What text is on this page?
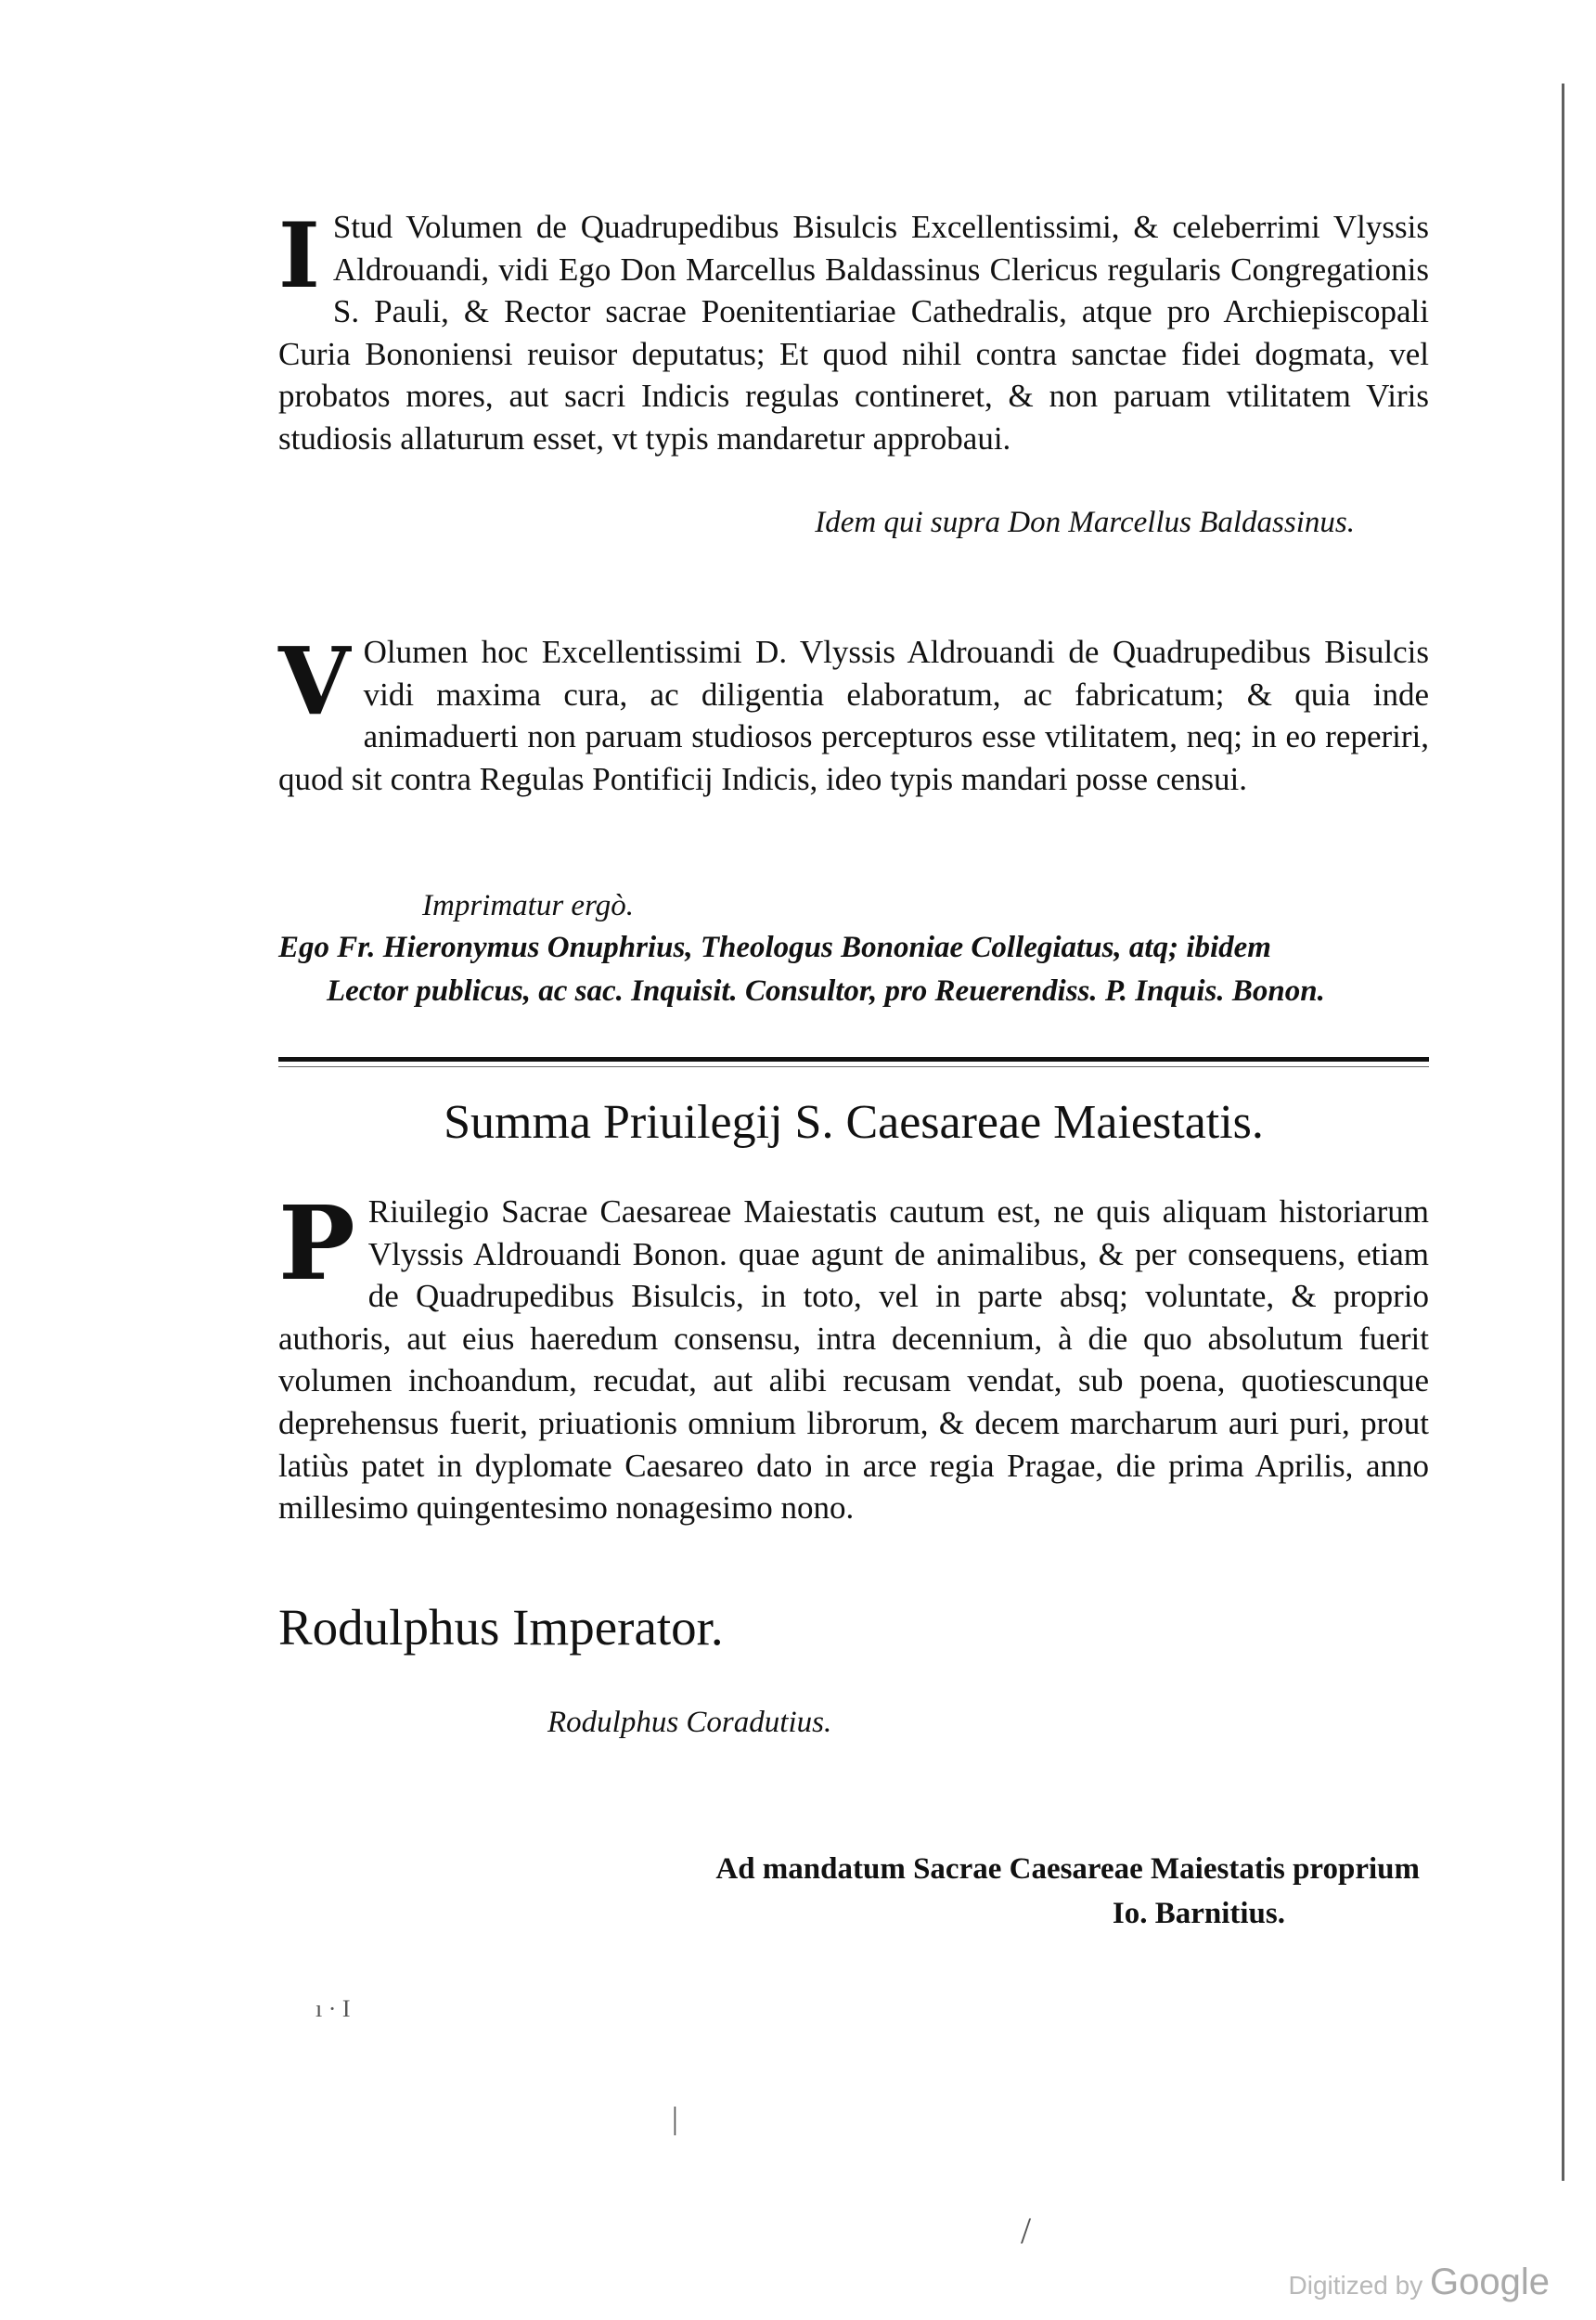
I Stud Volumen de Quadrupedibus Bisulcis Excellentissimi, & celeberrimi Vlyssis Aldrouandi, vidi Ego Don Marcellus Baldassinus Clericus regularis Congregationis S. Pauli, & Rector sacrae Poenitentiariae Cathedralis, atque pro Archiepiscopali Curia Bononiensi reuisor deputatus; Et quod nihil contra sanctae fidei dogmata, vel probatos mores, aut sacri Indicis regulas contineret, & non paruam vtilitatem Viris studiosis allaturum esset, vt typis mandaretur approbaui.

Idem qui supra Don Marcellus Baldassinus.

V Olumen hoc Excellentissimi D. Vlyssis Aldrouandi de Quadrupedibus Bisulcis vidi maxima cura, ac diligentia elaboratum, ac fabricatum; & quia inde animaduerti non paruam studiosos percepturos esse vtilitatem, neq; in eo reperiri, quod sit contra Regulas Pontificij Indicis, ideo typis mandari posse censui.

Imprimatur ergò.
Ego Fr. Hieronymus Onuphrius, Theologus Bononiae Collegiatus, atq; ibidem
Lector publicus, ac sac. Inquisit. Consultor, pro Reuerendiss. P. Inquis. Bonon.
Summa Priuilegij S. Caesareae Maiestatis.

P Riuilegio Sacrae Caesareae Maiestatis cautum est, ne quis aliquam historiarum Vlyssis Aldrouandi Bonon. quae agunt de animalibus, & per consequens, etiam de Quadrupedibus Bisulcis, in toto, vel in parte absq; voluntate, & proprio authoris, aut eius haeredum consensu, intra decennium, à die quo absolutum fuerit volumen inchoandum, recudat, aut alibi recusam vendat, sub poena, quotiescunque deprehensus fuerit, priuationis omnium librorum, & decem marcharum auri puri, prout latiùs patet in dyplomate Caesareo dato in arce regia Pragae, die prima Aprilis, anno millesimo quingentesimo nonagesimo nono.

Rodulphus Imperator.
Rodulphus Coradutius.
Ad mandatum Sacrae Caesareae Maiestatis proprium
Io. Barnitius.
ı · I
|
/
Digitized by Google
